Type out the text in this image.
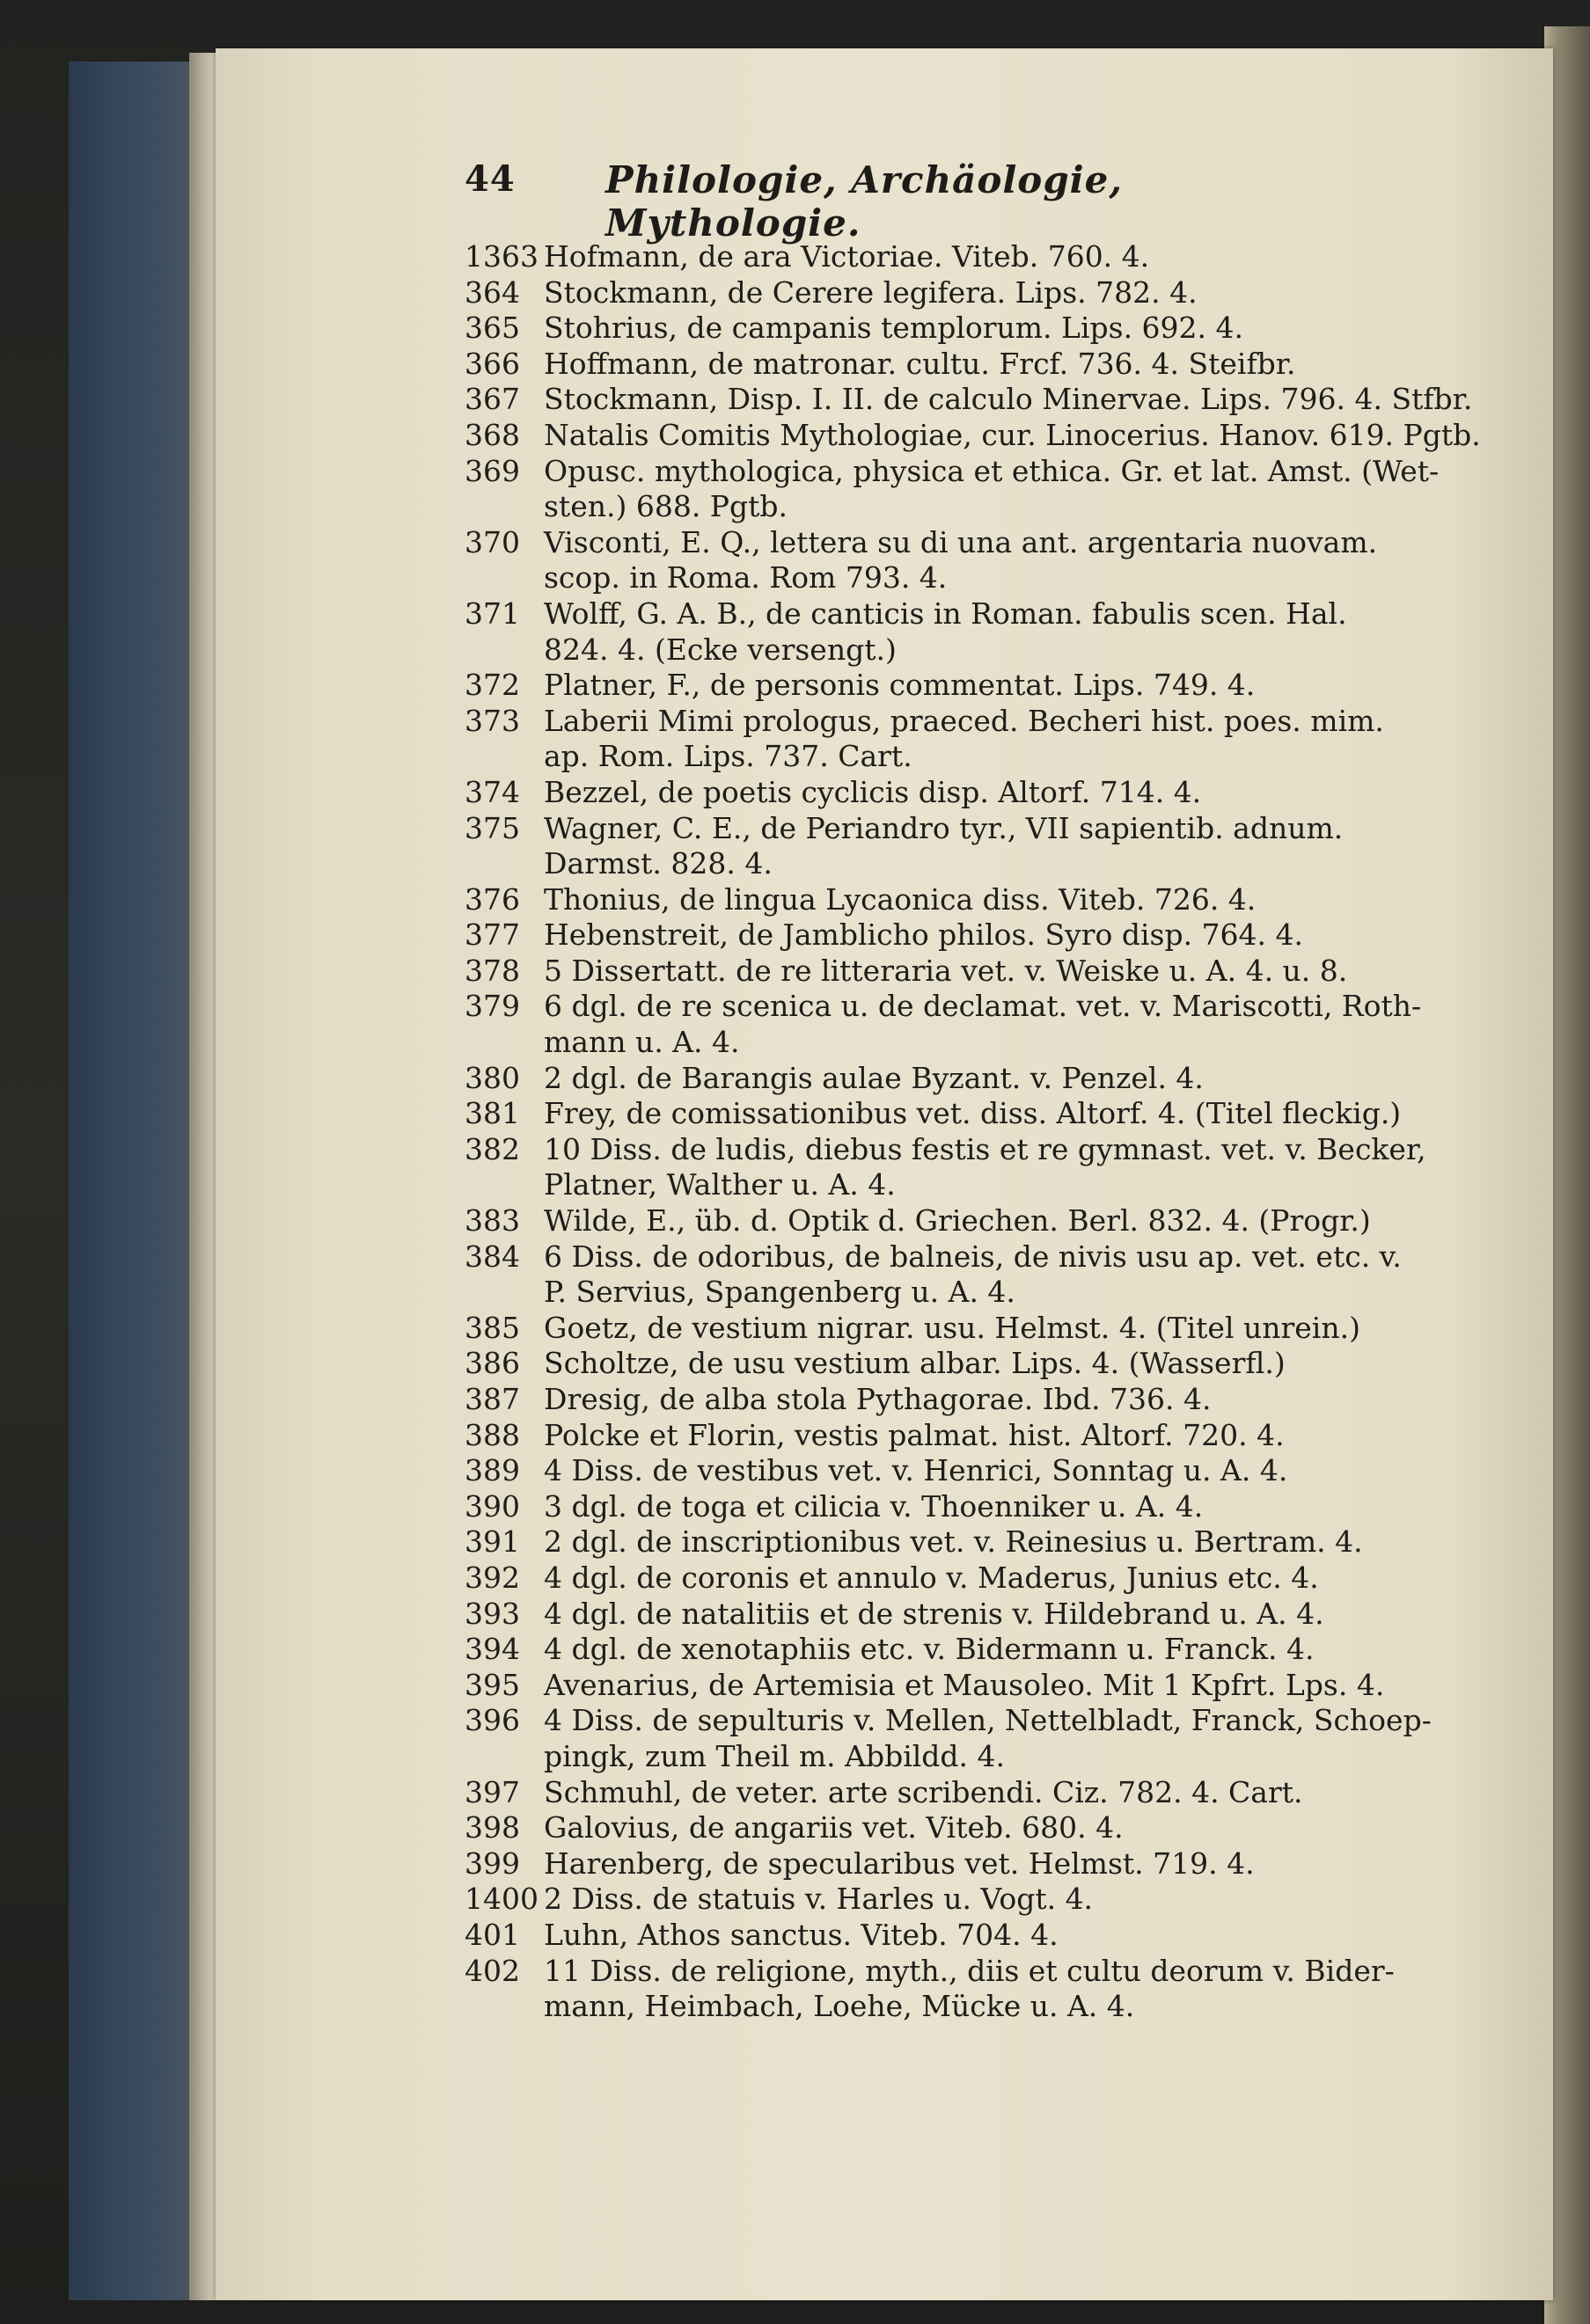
44 Philologie, Archäologie, Mythologie.
1363 Hofmann, de ara Victoriae. Viteb. 760. 4.
364 Stockmann, de Cerere legifera. Lips. 782. 4.
365 Stohrius, de campanis templorum. Lips. 692. 4.
366 Hoffmann, de matronar. cultu. Frcf. 736. 4. Steifbr.
367 Stockmann, Disp. I. II. de calculo Minervae. Lips. 796. 4. Stfbr.
368 Natalis Comitis Mythologiae, cur. Linocerius. Hanov. 619. Pgtb.
369 Opusc. mythologica, physica et ethica. Gr. et lat. Amst. (Wet-
sten.) 688. Pgtb.
370 Visconti, E. Q., lettera su di una ant. argentaria nuovam.
scop. in Roma. Rom 793. 4.
371 Wolff, G. A. B., de canticis in Roman. fabulis scen. Hal.
824. 4. (Ecke versengt.)
372 Platner, F., de personis commentat. Lips. 749. 4.
373 Laberii Mimi prologus, praeced. Becheri hist. poes. mim.
ap. Rom. Lips. 737. Cart.
374 Bezzel, de poetis cyclicis disp. Altorf. 714. 4.
375 Wagner, C. E., de Periandro tyr., VII sapientib. adnum.
Darmst. 828. 4.
376 Thonius, de lingua Lycaonica diss. Viteb. 726. 4.
377 Hebenstreit, de Jamblicho philos. Syro disp. 764. 4.
378 5 Dissertatt. de re litteraria vet. v. Weiske u. A. 4. u. 8.
379 6 dgl. de re scenica u. de declamat. vet. v. Mariscotti, Roth-
mann u. A. 4.
380 2 dgl. de Barangis aulae Byzant. v. Penzel. 4.
381 Frey, de comissationibus vet. diss. Altorf. 4. (Titel fleckig.)
382 10 Diss. de ludis, diebus festis et re gymnast. vet. v. Becker,
Platner, Walther u. A. 4.
383 Wilde, E., üb. d. Optik d. Griechen. Berl. 832. 4. (Progr.)
384 6 Diss. de odoribus, de balneis, de nivis usu ap. vet. etc. v.
P. Servius, Spangenberg u. A. 4.
385 Goetz, de vestium nigrar. usu. Helmst. 4. (Titel unrein.)
386 Scholtze, de usu vestium albar. Lips. 4. (Wasserfl.)
387 Dresig, de alba stola Pythagorae. Ibd. 736. 4.
388 Polcke et Florin, vestis palmat. hist. Altorf. 720. 4.
389 4 Diss. de vestibus vet. v. Henrici, Sonntag u. A. 4.
390 3 dgl. de toga et cilicia v. Thoenniker u. A. 4.
391 2 dgl. de inscriptionibus vet. v. Reinesius u. Bertram. 4.
392 4 dgl. de coronis et annulo v. Maderus, Junius etc. 4.
393 4 dgl. de natalitiis et de strenis v. Hildebrand u. A. 4.
394 4 dgl. de xenotaphiis etc. v. Bidermann u. Franck. 4.
395 Avenarius, de Artemisia et Mausoleo. Mit 1 Kpfrt. Lps. 4.
396 4 Diss. de sepulturis v. Mellen, Nettelbladt, Franck, Schoep-
pingk, zum Theil m. Abbildd. 4.
397 Schmuhl, de veter. arte scribendi. Ciz. 782. 4. Cart.
398 Galovius, de angariis vet. Viteb. 680. 4.
399 Harenberg, de specularibus vet. Helmst. 719. 4.
1400 2 Diss. de statuis v. Harles u. Vogt. 4.
401 Luhn, Athos sanctus. Viteb. 704. 4.
402 11 Diss. de religione, myth., diis et cultu deorum v. Bider-
mann, Heimbach, Loehe, Mücke u. A. 4.
